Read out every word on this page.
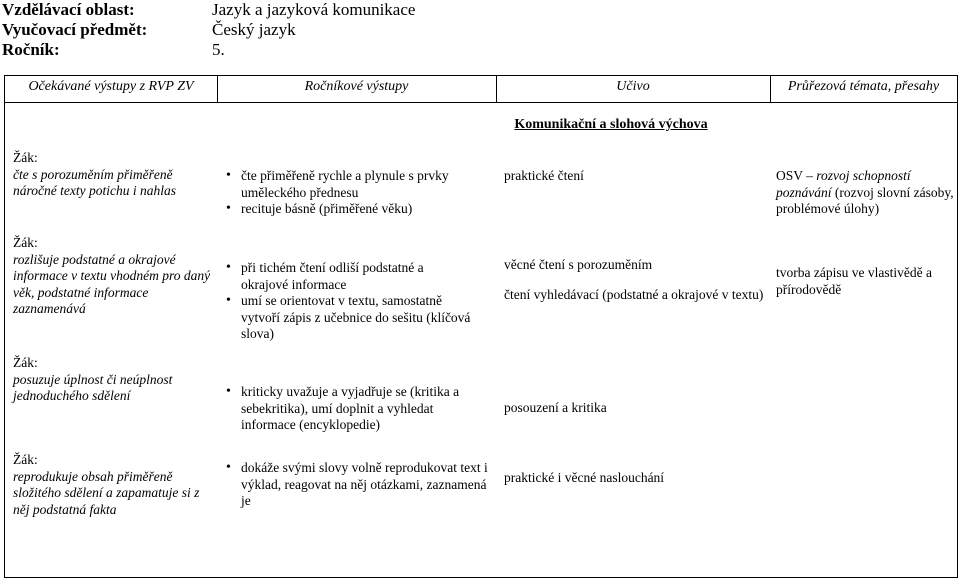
Vzdělávací oblast:	Jazyk a jazyková komunikace
Vyučovací předmět:	Český jazyk
Ročník:	5.
Očekávané výstupy z RVP ZV	Ročníkové výstupy	Učivo	Průřezová témata, přesahy
Komunikační a slohová výchova
Žák:
čte s porozuměním přiměřeně náročné texty potichu i nahlas
• čte přiměřeně rychle a plynule s prvky uměleckého přednesu
• recituje básně (přiměřené věku)
praktické čtení	OSV – rozvoj schopností poznávání (rozvoj slovní zásoby, problémové úlohy)
Žák:
rozlišuje podstatné a okrajové informace v textu vhodném pro daný věk, podstatné informace zaznamenává
• při tichém čtení odliší podstatné a okrajové informace
• umí se orientovat v textu, samostatně vytvoří zápis z učebnice do sešitu (klíčová slova)
věcné čtení s porozuměním
čtení vyhledávací (podstatné a okrajové v textu)
tvorba zápisu ve vlastivědě a přírodovědě
Žák:
posuzuje úplnost či neúplnost jednoduchého sdělení
•	kriticky uvažuje a vyjadřuje se (kritika a sebekritika), umí doplnit a vyhledat informace (encyklopedie)
posouzení a kritika
Žák:
reprodukuje obsah přiměřeně složitého sdělení a zapamatuje si z něj podstatná fakta
• dokáže svými slovy volně reprodukovat text i výklad, reagovat na něj otázkami, zaznamená je
praktické i věcné naslouchání
